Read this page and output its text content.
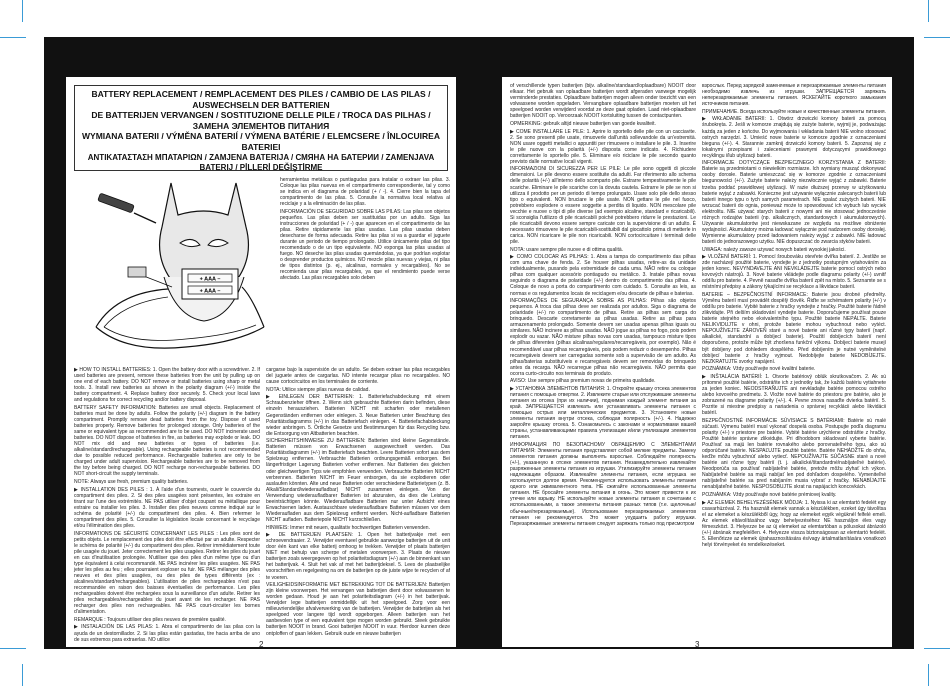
BATTERY REPLACEMENT / REMPLACEMENT DES PILES / CAMBIO DE LAS PILAS / AUSWECHSELN DER BATTERIEN

DE BATTERIJEN VERVANGEN / SOSTITUZIONE DELLE PILE / TROCA DAS PILHAS / ЗАМЕНА ЭЛЕМЕНТОВ ПИТАНИЯ

WYMIANA BATERII / VÝMĚNA BATERIÍ / VÝMENA BATÉRIE / ELEMCSERE / ÎNLOCUIREA BATERIEI

ΑΝΤΙΚΑΤΑΣΤΑΣΗ ΜΠΑΤΑΡΙΩΝ / ZAMJENA BATERIJA / СМЯНА НА БАТЕРИИ / ZAMENJAVA BATERIJ / PİLLERİ DEĞİŞTİRME

+ AAA –
+ AAA –

herramientas metálicas o puntiagudas para instalar o extraer las pilas. 3. Coloque las pilas nuevas en el compartimento correspondiente, tal y como se indica en el diagrama de polaridad (+ / -). 4. Cierre bien la tapa del compartimento de las pilas. 5. Consulte la normativa local relativa al reciclaje y a la eliminación de las pilas.

INFORMACIÓN DE SEGURIDAD SOBRE LAS PILAS: Las pilas son objetos pequeños. Las pilas deben ser sustituidas por un adulto. Siga las instrucciones de polaridad (+ / -) que aparecen en el compartimento de las pilas. Retire rápidamente las pilas usadas. Las pilas usadas deben desecharse de forma adecuada. Retire las pilas si va a guardar el juguete durante un periodo de tiempo prolongado. Utilice únicamente pilas del tipo recomendado o de un tipo equivalente. NO exponga las pilas usadas al fuego. NO deseche las pilas usadas quemándolas, ya que podrían explotar o desprender productos químicos. NO mezcle pilas nuevas y viejas, ni pilas de tipos distintos (p. ej., alcalinas, normales y recargables). No se recomienda usar pilas recargables, ya que el rendimiento puede verse afectado. Las pilas recargables solo deben

▶ HOW TO INSTALL BATTERIES: 1. Open the battery door with a screwdriver. 2. If used batteries are present, remove these batteries from the unit by pulling up on one end of each battery. DO NOT remove or install batteries using sharp or metal tools. 3. Install new batteries as shown in the polarity diagram (+/-) inside the battery compartment. 4. Replace battery door securely. 5. Check your local laws and regulations for correct recycling and/or battery disposal.

BATTERY SAFETY INFORMATION: Batteries are small objects. Replacement of batteries must be done by adults. Follow the polarity (+/-) diagram in the battery compartment. Promptly remove dead batteries from the toy. Dispose of used batteries properly. Remove batteries for prolonged storage. Only batteries of the same or equivalent type as recommended are to be used. DO NOT incinerate used batteries. DO NOT dispose of batteries in fire, as batteries may explode or leak. DO NOT mix old and new batteries or types of batteries (i.e. alkaline/standard/rechargeable). Using rechargeable batteries is not recommended due to possible reduced performance. Rechargeable batteries are only to be charged under adult supervision. Rechargeable batteries are to be removed from the toy before being charged. DO NOT recharge non-rechargeable batteries. DO NOT short-circuit the supply terminals.

NOTE: Always use fresh, premium quality batteries.

▶ INSTALLATION DES PILES : 1. À l'aide d'un tournevis, ouvrir le couvercle du compartiment des piles. 2. Si des piles usagées sont présentes, les extraire en tirant sur l'une des extrémités. NE PAS utiliser d'objet coupant ou métallique pour extraire ou installer les piles. 3. Installer des piles neuves comme indiqué sur le schéma de polarité (+/-) du compartiment des piles. 4. Bien refermer le compartiment des piles. 5. Consulter la législation locale concernant le recyclage et/ou l'élimination des piles.

INFORMATIONS DE SÉCURITÉ CONCERNANT LES PILES : Les piles sont de petits objets. Le remplacement des piles doit être effectué par un adulte. Respecter le schéma de polarité (+/-) du compartiment des piles. Retirer immédiatement toute pile usagée du jouet. Jeter correctement les piles usagées. Retirer les piles du jouet en cas d'inutilisation prolongée. N'utiliser que des piles d'un même type ou d'un type équivalent à celui recommandé. NE PAS incinérer les piles usagées. NE PAS jeter les piles au feu ; elles pourraient exploser ou fuir. NE PAS mélanger des piles neuves et des piles usagées, ou des piles de types différents (ex : alcalines/standard/rechargeables). L'utilisation de piles rechargeables n'est pas recommandée en raison des baisses éventuelles de performance. Les piles rechargeables doivent être rechargées sous la surveillance d'un adulte. Retirer les piles rechargeables/rechargeables du jouet avant de les recharger. NE PAS recharger des piles non rechargeables. NE PAS court-circuiter les bornes d'alimentation.

REMARQUE : Toujours utiliser des piles neuves de première qualité.

▶ INSTALACIÓN DE LAS PILAS: 1. Abra el compartimento de las pilas con la ayuda de un destornillador. 2. Si las pilas están gastadas, tire hacia arriba de uno de sus extremos para extraerlas. NO utilice

cargarse bajo la supervisión de un adulto. Se deben extraer las pilas recargables del juguete antes de cargarlas. NO intente recargar pilas no recargables. NO cause cortocircuitos en los terminales de corriente.

NOTA: Utilice siempre pilas nuevas de calidad.

▶ EINLEGEN DER BATTERIEN: 1. Batteriefachabdeckung mit einem Schraubenzieher öffnen. 2. Wenn sich gebrauchte Batterien darin befinden, diese einzeln herausziehen. Batterien NICHT mit scharfen oder metallenen Gegenständen entfernen oder einlegen. 3. Neue Batterien unter Beachtung des Polaritätsdiagramms (+/-) in das Batteriefach einlegen. 4. Batteriefachabdeckung wieder anbringen. 5. Örtliche Gesetze und Bestimmungen für das Recycling bzw. die Entsorgung von Altbatterien beachten.

SICHERHEITSHINWEISE ZU BATTERIEN: Batterien sind kleine Gegenstände. Batterien müssen von Erwachsenen ausgewechselt werden. Das Polaritätsdiagramm (+/-) im Batteriefach beachten. Leere Batterien sofort aus dem Spielzeug entfernen. Verbrauchte Batterien ordnungsgemäß entsorgen. Bei längerfristiger Lagerung Batterien vorher entfernen. Nur Batterien des gleichen oder gleichwertigen Typs wie empfohlen verwenden. Verbrauchte Batterien NICHT verbrennen. Batterien NICHT im Feuer entsorgen, da sie explodieren oder auslaufen könnten. Alte und neue Batterien oder verschiedene Batterietypen (z. B. Alkali/Standard/wiederaufladbar) NICHT zusammen einlegen. Von der Verwendung wiederaufladbarer Batterien ist abzuraten, da dies die Leistung beeinträchtigen könnte. Wiederaufladbare Batterien nur unter Aufsicht eines Erwachsenen laden. Austauschbare wiederaufladbare Batterien müssen vor dem Wiederaufladen aus dem Spielzeug entfernt werden. Nicht-aufladbare Batterien NICHT aufladen. Batteriepole NICHT kurzschließen.

HINWEIS: Immer mit neuen, qualitativ hochwertigen Batterien verwenden.

▶ DE BATTERIJEN PLAATSEN: 1. Open het batterijvakje met een schroevendraaier. 2. Verwijder eventueel gebruikte aanwezige batterijen uit de unit door één kant van elke batterij omhoog te trekken. Verwijder of plaats batterijen NIET met behulp van scherpe of metalen voorwerpen. 3. Plaats de nieuwe batterijen zoals weergegeven op het polariteitsdiagram (+/-) aan de binnenkant van het batterijvak. 4. Sluit het vak af met het batterijdeksel. 5. Lees de plaatselijke voorschriften en regelgeving na om de batterijen op de juiste wijze te recyclen of af te voeren.

VEILIGHEIDSINFORMATIE MET BETREKKING TOT DE BATTERIJEN: Batterijen zijn kleine voorwerpen. Het vervangen van batterijen dient door volwassenen te worden gedaan. Houd je aan het polariteitsdiagram (+/-) in het batterijvak. Verwijder lege batterijen onmiddellijk uit het speelgoed. Zorg voor een milieuvriendelijke afvalverwerking van de batterijen. Verwijder de batterijen als het speelgoed voor langere tijd wordt opgeborgen. Alleen batterijen van het aanbevolen type of een equivalent type mogen worden gebruikt. Steek gebruikte batterijen NOOIT in brand. Gooi batterijen NOOIT in vuur. Hierdoor kunnen deze ontploffen of gaan lekken. Gebruik oude en nieuwe batterijen

2

of verschillende typen batterijen (bijv. alkaline/standaard/oplaadbare) NOOIT door elkaar. Het gebruik van oplaadbare batterijen wordt afgeraden vanwege mogelijk verminderde prestaties. Oplaadbare batterijen mogen alleen onder toezicht van een volwassene worden opgeladen. Vervangbare oplaadbare batterijen moeten uit het speelgoed worden verwijderd voordat ze deze gaat opladen. Laad niet-oplaadbare batterijen NOOIT op. Veroorzaak NOOIT kortsluiting tussen de contactpunten.

OPMERKING: gebruik altijd nieuwe batterijen van goede kwaliteit.

▶ COME INSTALLARE LE PILE: 1. Aprire lo sportello delle pile con un cacciavite. 2. Se sono presenti pile usate, rimuoverle dall'unità sollevandole da un'estremità. NON usare oggetti metallici o appuntiti per rimuovere o installare le pile. 3. Inserire le pile nuove con la polarità (+/-) disposta come indicato. 4. Richiudere correttamente lo sportello pile. 5. Eliminare e/o riciclare le pile secondo quanto previsto dalle normative locali vigenti.

INFORMAZIONI DI SICUREZZA PER LE PILE: Le pile sono oggetti di piccole dimensioni. Le pile devono essere sostituite da adulti. Far riferimento allo schema delle polarità (+/-) all'interno dello scomparto pile. Estrarre tempestivamente le pile scariche. Eliminare le pile scariche con la dovuta cautela. Estrarre le pile se non si utilizza il prodotto per un periodo di tempo prolungato. Usare solo pile dello stesso tipo o equivalenti. NON bruciare le pile usate. NON gettare le pile nel fuoco, potrebbero esplodere o essere soggette a perdita di liquido. NON mescolare pile vecchie e nuove o tipi di pile diverse (ad esempio alcaline, standard e ricaricabili). Si sconsiglia l'utilizzo di pile ricaricabili poiché potrebbero ridurre le prestazioni. Le pile ricaricabili devono essere sempre caricate con la supervisione di un adulto. È necessario rimuovere le pile ricaricabili-sostituibili dal giocattolo prima di metterle in carica. NON ricaricare le pile non ricaricabili. NON cortocircuitare i terminali delle pile.

NOTA: usare sempre pile nuove e di ottima qualità.

▶ COMO COLOCAR AS PILHAS: 1. Abra a tampa do compartimento das pilhas com uma chave de fenda. 2. Se houver pilhas usadas, retire-as da unidade individualmente, puxando pela extremidade de cada uma. NÃO retire ou coloque pilhas com qualquer acessório pontiagudo ou metálico. 3. Instale pilhas novas seguindo o diagrama de polaridade (+/-) dentro do compartimento das pilhas. 4. Coloque de novo a porta do compartimento com cuidado. 5. Consulte as leis, as normas e os regulamentos locais de reciclagem e/ou descarte de pilhas e baterias.

INFORMAÇÕES DE SEGURANÇA SOBRE AS PILHAS: Pilhas são objetos pequenos. A troca das pilhas deve ser realizada por adultos. Siga o diagrama de polaridade (+/-) no compartimento de pilhas. Retire as pilhas sem carga do brinquedo. Descarte corretamente as pilhas usadas. Retire as pilhas para armazenamento prolongado. Somente devem ser usadas apenas pilhas iguais ou similares. NÃO incinere as pilhas usadas. NÃO jogue as pilhas no fogo, pois podem explodir ou vazar. NÃO misture pilhas novas com usadas, tampouco misture tipos de pilhas diferentes (pilhas alcalinas/regulares/recarregáveis, por exemplo). Não é recomendável usar pilhas recarregáveis, pois podem reduzir o desempenho. Pilhas recarregáveis devem ser carregadas somente sob a supervisão de um adulto. As pilhas/baterias substituíveis e recarregáveis devem ser removidas do brinquedo antes da recarga. NÃO recarregue pilhas não recarregáveis. NÃO permita que ocorra curto-circuito nos terminais do produto.

AVISO: Use sempre pilhas premium novas de primeira qualidade.

▶ УСТАНОВКА ЭЛЕМЕНТОВ ПИТАНИЯ: 1. Откройте крышку отсека элементов питания с помощью отвертки. 2. Извлеките старые или отслужившие элементы питания из отсека (при их наличии), поднимая каждый элемент питания за край. ЗАПРЕЩАЕТСЯ извлекать или устанавливать элементы питания с помощью острых или металлических предметов. 3. Установите новые элементы питания внутри отсека, соблюдая полярность (+/-). 4. Надежно закройте крышку отсека. 5. Ознакомьтесь с законами и нормативами вашей страны, устанавливающими правила утилизации и/или утилизации элементов питания.

ИНФОРМАЦИЯ ПО БЕЗОПАСНОМУ ОБРАЩЕНИЮ С ЭЛЕМЕНТАМИ ПИТАНИЯ: Элементы питания представляют собой мелкие предметы. Замену элементов питания должны выполнять взрослые. Соблюдайте полярность (+/-), указанную в отсеке элементов питания. Незамедлительно извлекайте разряженные элементы питания из игрушки. Утилизируйте элементы питания надлежащим образом. Извлекайте элементы питания, если игрушка не используется долгое время. Рекомендуется использовать элементы питания одного или эквивалентного типа. НЕ сжигайте использованные элементы питания. НЕ бросайте элементы питания в огонь. Это может привести к их утечке или взрыву. НЕ используйте новые элементы питания в сочетании с использованными, а также элементы питания разных типов (т.е. щелочные/обычные/перезаряжаемые). Использование перезаряжаемых элементов питания не рекомендуется. Это может ухудшить работу игрушки. Перезаряжаемые элементы питания следует заряжать только под присмотром

взрослых. Перед зарядкой заменяемые и перезаряжаемые элементы питания необходимо извлечь из игрушки. ЗАПРЕЩАЕТСЯ заряжать неперезаряжаемые элементы питания. ЯСКЕГАЙТЕ короткого замыкания источников питания.

ПРИМЕЧАНИЕ. Всегда используйте новые и качественные элементы питания.

▶ WKŁADANIE BATERII: 1. Otwórz drzwiczki komory baterii za pomocą śrubokręta. 2. Jeśli w komorze znajdują się zużyte baterie, wyjmij je, podważając każdą za jeden z końców. Do wyjmowania i wkładania baterii NIE wolno stosować ostrych narzędzi. 3. Umieść nowe baterie w komorze zgodnie z oznaczeniami bieguna (+/-). 4. Starannie zamknij drzwiczki komory baterii. 5. Zapoznaj się z lokalnymi przepisami i zaleceniami prawnymi dotyczącymi prawidłowego recyklingu i/lub utylizacji baterii.

INFORMACJE DOTYCZĄCE BEZPIECZNEGO KORZYSTANIA Z BATERII: Baterie są przedmiotami o niewielkim rozmiarze. Ich wymiany musząć dokonywać osoby dorosłe. Baterie umieszczać się w komorze zgodnie z oznaczeniami biegunowości (+/-). Zużyte baterie należy niezwłocznie wyjąć z zabawki. Baterie trzeba poddać prawidłowej utylizacji. W razie dłuższej przerwy w użytkowaniu baterie wyjąć z zabawki. Konieczne jest używanie wyłącznie zalecanych baterii lub baterii innego typu o tych samych parametrach. NIE spalać zużytych baterii. NIE wrzucać baterii do ognia, ponieważ może to spowodować ich wybuch lub wyciek elektrolitu. NIE używać starych baterii z nowymi ani nie stosować jednocześnie różnych rodzajów baterii (np. alkalicznych, standardowych i akumulatorowych). Używanie akumulatorów jest niewskazane ze względu na możliwe obniżenie wydajności. Akumulatory można ładować wyłącznie pod nadzorem osoby dorosłej. Wymienne akumulatory przed ładowaniem należy wyjąć z zabawki. NIE ładować baterii do jednorazowego użytku. NIE dopuszczać do zwarcia styków baterii.

UWAGA: należy zawsze używać nowych baterii wysokiej jakości.

▶ VLOŽENÍ BATERIÍ: 1. Pomocí šroubováku otevřete dvířka baterií. 2. Jestliže se zde nacházejí použité baterie, vyndejte je z jednotky postupným vytahováním za jeden konec. NEVYNDAVEJTE ANI NEVKLÁDEJTE baterie pomocí ostrých nebo kovových nástrojů. 3. Nové baterie vkládejte podle diagramu polarity (+/-) uvnitř oddílu pro baterie. 4. Pevně nasaďte dvířka baterií zpět na místo. 5. Seznamte se s místními předpisy a zákony týkajícími se recyklace a likvidace baterií.

BATERIE – BEZPEČNOSTNÍ INFORMACE: Baterie jsou drobné předměty. Výměnu baterií musí provádět dospělý člověk. Řiďte se schématem polarity (+/-) v oddílu pro baterie. Vybité baterie z hračky vyndejte z hračky. Použité baterie řádně zlikvidujte. Při delším skladování vyndejte baterie. Doporučujeme používat pouze baterie stejného nebo ekvivalentního typu. Použité baterie NEPÁLTE. Baterie NELIKVIDUJTE v ohni, protože baterie mohou vybuchnout nebo vytéct. NEPOUŽÍVEJTE ZÁROVEŇ staré a nové baterie ani různé typy baterií (např. alkalické, standardní a dobíjecí baterie). Použití dobíjecích baterií není doporučeno, protože může být zhoršena funkční výkonu. Dobíjecí baterie musejí být dobíjeny pod dohledem dospělého. Před dobíjením je nutné vyměnitelné dobíjecí baterie z hračky vyjmout. Nedobíjejte baterie NEDOBÍJEJTE. NEZKRATUJTE svorky napájení.

POZNÁMKA: Vždy používejte nové kvalitní baterie.

▶ INŠTALÁCIA BATÉRIÍ: 1. Otvorte batériový oblúk skrutkovačom. 2. Ak sú prítomné použité batérie, odstráňte ich z jednotky tak, že každú batériu vytiahnete za jeden koniec. NEODSTRAŇUJTE ani nevkladajte batérie pomocou ostrého alebo kovového predmetu. 3. Vložte nové batérie do priestoru pre batérie, ako je zobrazené na diagrame polarity (+/-). 4. Pevne znova nasaďte dvierka batérií. 5. Pozrite si miestne predpisy a nariadenia o správnej recyklácii alebo likvidácii batérií.

BEZPEČNOSTNÉ INFORMÁCIE SÚVISIACE S BATÉRIAMI: Batérie sú malé súčasti. Výmenu batérií musí vykonať dospelá osoba. Postupujte podľa diagramu polarity (+/-) v priestore pre batérie. Vybité batérie urýchlene odstráňte z hračky. Použité batérie správne zlikvidujte. Pri dlhodobom skladovaní vyberte batérie. Používať sa majú len batérie rovnakého alebo porovnateľného typu, ako sú odporúčané batérie. NESPAĽUJTE použité batérie. Batérie NEHÁDŽTE do ohňa, keďže môžu vybuchnúť alebo vytiecť. NEPOUŽÍVAJTE SÚČASNE staré a nové batérie ani rôzne typy batérií (t. j. alkalické/štandardné/nabíjateľné batérie). Neodporúča sa používať nabíjateľné batérie, pretože môžu zlyhať ich výkon. Nabíjateľné batérie sa majú nabíjať len pod dohľadom dospelého. Vymeniteľné nabíjateľné batérie sa pred nabíjaním musia vybrať z hračky. NENABÍJAJTE nenabíjateľné batérie. NESPOSOBUJTE skrat na napájacích koncovkách.

POZNÁMKA: Vždy používajte nové batérie prémiovej kvality.

▶ AZ ELEMEK BEHELYEZÉSÉNEK MÓDJA: 1. Nyissa ki az elemtartó fedelét egy csavarhúzóval. 2. Ha használt elemek vannak a készülékben, ezeket úgy távolítsa el az elemeket a készülékből úgy, hogy az elemeket egyik végüknél felfelé emeli. Az elemek eltávolításához vagy behelyezéséhez NE használjon éles vagy fémeszközt. 3. Helyezze be az új elemeket az elemtartóban a pólusokat ábrázoló (+/-) ábrának megfelelően. 4. Helyezze vissza biztonságosan az elemtartó fedelét. 5. Ellenőrizze az elemek újrahasznosítására és/vagy ártalmatlanítására vonatkozó helyi törvényeket és rendelkezéseket.

3
